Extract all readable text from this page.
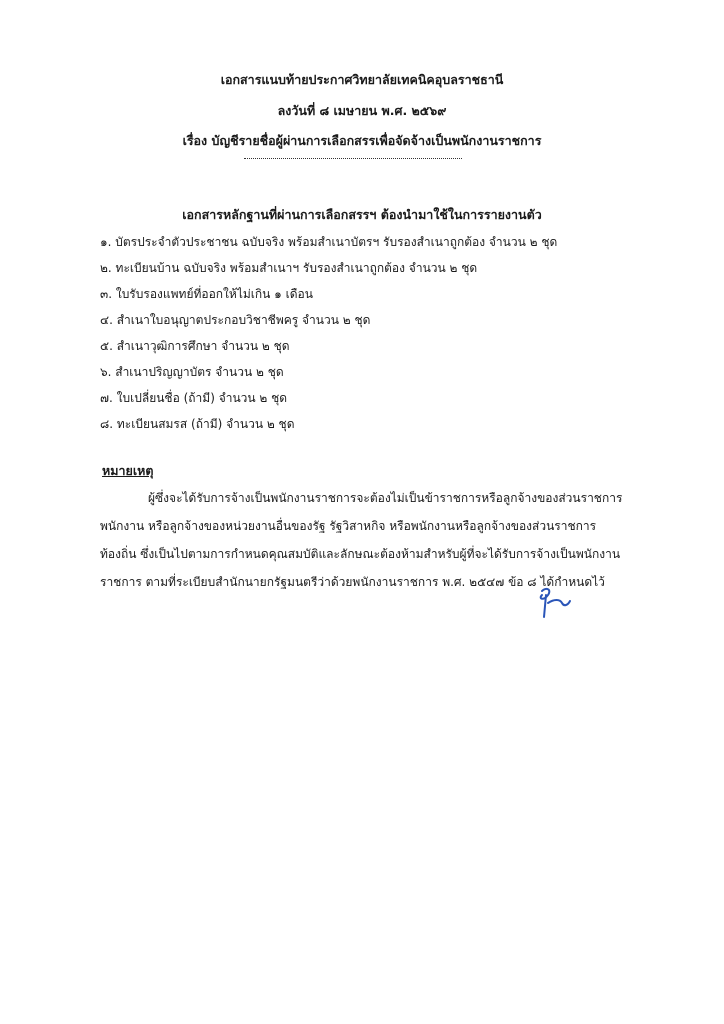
เอกสารแนบท้ายประกาศวิทยาลัยเทคนิคอุบลราชธานี
ลงวันที่ ๘ เมษายน พ.ศ. ๒๕๖๙
เรื่อง บัญชีรายชื่อผู้ผ่านการเลือกสรรเพื่อจัดจ้างเป็นพนักงานราชการ
เอกสารหลักฐานที่ผ่านการเลือกสรรฯ ต้องนำมาใช้ในการรายงานตัว
๑. บัตรประจำตัวประชาชน ฉบับจริง พร้อมสำเนาบัตรฯ รับรองสำเนาถูกต้อง จำนวน ๒ ชุด
๒. ทะเบียนบ้าน ฉบับจริง พร้อมสำเนาฯ รับรองสำเนาถูกต้อง จำนวน ๒ ชุด
๓. ใบรับรองแพทย์ที่ออกให้ไม่เกิน ๑ เดือน
๔. สำเนาใบอนุญาตประกอบวิชาชีพครู จำนวน ๒ ชุด
๕. สำเนาวุฒิการศึกษา จำนวน ๒ ชุด
๖. สำเนาปริญญาบัตร จำนวน ๒ ชุด
๗. ใบเปลี่ยนชื่อ (ถ้ามี) จำนวน ๒ ชุด
๘. ทะเบียนสมรส (ถ้ามี) จำนวน ๒ ชุด
หมายเหตุ
ผู้ซึ่งจะได้รับการจ้างเป็นพนักงานราชการจะต้องไม่เป็นข้าราชการหรือลูกจ้างของส่วนราชการ
พนักงาน หรือลูกจ้างของหน่วยงานอื่นของรัฐ รัฐวิสาหกิจ หรือพนักงานหรือลูกจ้างของส่วนราชการ
ท้องถิ่น ซึ่งเป็นไปตามการกำหนดคุณสมบัติและลักษณะต้องห้ามสำหรับผู้ที่จะได้รับการจ้างเป็นพนักงาน
ราชการ ตามที่ระเบียบสำนักนายกรัฐมนตรีว่าด้วยพนักงานราชการ พ.ศ. ๒๕๔๗ ข้อ ๘ ได้กำหนดไว้
